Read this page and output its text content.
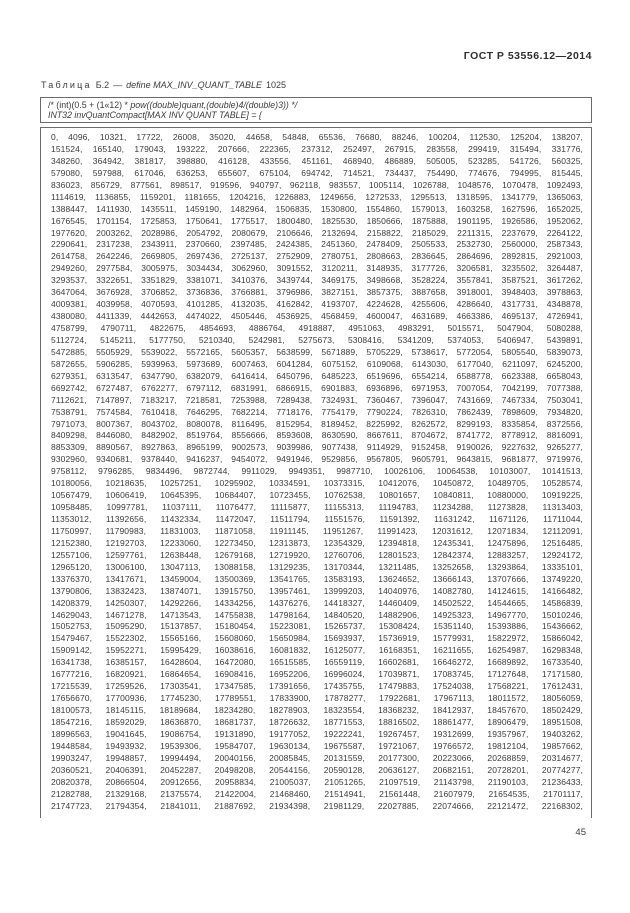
ГОСТ Р 53556.12—2014
Таблица Б.2 — define MAX_INV_QUANT_TABLE 1025
/* (int)(0.5 + (1«12) * pow((double)quant,(double)4/(double)3)) */
INT32 invQuantCompact[MAX INV QUANT TABLE] = {
0, 4096, 10321, 17722, 26008, 35020, 44658, 54848, 65536, 76680, 88246, 100204, 112530, 125204, 138207,
151524, 165140, 179043, 193222, 207666, 222365, 237312, 252497, 267915, 283558, 299419, 315494, 331776,
348260, 364942, 381817, 398880, 416128, 433556, 451161, 468940, 486889, 505005, 523285, 541726, 560325,
579080, 597988, 617046, 636253, 655607, 675104, 694742, 714521, 734437, 754490, 774676, 794995, 815445,
836023, 856729, 877561, 898517, 919596, 940797, 962118, 983557, 1005114, 1026788, 1048576, 1070478, 1092493,
1114619, 1136855, 1159201, 1181655, 1204216, 1226883, 1249656, 1272533, 1295513, 1318595, 1341779, 1365063,
1388447, 1411930, 1435511, 1459190, 1482964, 1506835, 1530800, 1554860, 1579013, 1603258, 1627596, 1652025,
1676545, 1701154, 1725853, 1750641, 1775517, 1800480, 1825530, 1850666, 1875888, 1901195, 1926586, 1952062,
1977620, 2003262, 2028986, 2054792, 2080679, 2106646, 2132694, 2158822, 2185029, 2211315, 2237679, 2264122,
2290641, 2317238, 2343911, 2370660, 2397485, 2424385, 2451360, 2478409, 2505533, 2532730, 2560000, 2587343,
2614758, 2642246, 2669805, 2697436, 2725137, 2752909, 2780751, 2808663, 2836645, 2864696, 2892815, 2921003,
2949260, 2977584, 3005975, 3034434, 3062960, 3091552, 3120211, 3148935, 3177726, 3206581, 3235502, 3264487,
3293537, 3322651, 3351829, 3381071, 3410376, 3439744, 3469175, 3498668, 3528224, 3557841, 3587521, 3617262,
3647064, 3676928, 3706852, 3736836, 3766881, 3796986, 3827151, 3857375, 3887658, 3918001, 3948403, 3978863,
4009381, 4039958, 4070593, 4101285, 4132035, 4162842, 4193707, 4224628, 4255606, 4286640, 4317731, 4348878,
4380080, 4411339, 4442653, 4474022, 4505446, 4536925, 4568459, 4600047, 4631689, 4663386, 4695137, 4726941,
4758799, 4790711, 4822675, 4854693, 4886764, 4918887, 4951063, 4983291, 5015571, 5047904, 5080288,
5112724, 5145211, 5177750, 5210340, 5242981, 5275673, 5308416, 5341209, 5374053, 5406947, 5439891,
5472885, 5505929, 5539022, 5572165, 5605357, 5638599, 5671889, 5705229, 5738617, 5772054, 5805540, 5839073,
5872655, 5906285, 5939963, 5973689, 6007463, 6041284, 6075152, 6109068, 6143030, 6177040, 6211097, 6245200,
6279351, 6313547, 6347790, 6382079, 6416414, 6450796, 6485223, 6519696, 6554214, 6588778, 6623388, 6658043,
6692742, 6727487, 6762277, 6797112, 6831991, 6866915, 6901883, 6936896, 6971953, 7007054, 7042199, 7077388,
7112621, 7147897, 7183217, 7218581, 7253988, 7289438, 7324931, 7360467, 7396047, 7431669, 7467334, 7503041,
7538791, 7574584, 7610418, 7646295, 7682214, 7718176, 7754179, 7790224, 7826310, 7862439, 7898609, 7934820,
7971073, 8007367, 8043702, 8080078, 8116495, 8152954, 8189452, 8225992, 8262572, 8299193, 8335854, 8372556,
8409298, 8446080, 8482902, 8519764, 8556666, 8593608, 8630590, 8667611, 8704672, 8741772, 8778912, 8816091,
8853309, 8890567, 8927863, 8965199, 9002573, 9039986, 9077438, 9114929, 9152458, 9190026, 9227632, 9265277,
9302960, 9340681, 9378440, 9416237, 9454072, 9491946, 9529856, 9567805, 9605791, 9643815, 9681877, 9719976,
9758112, 9796285, 9834496, 9872744, 9911029, 9949351, 9987710, 10026106, 10064538, 10103007, 10141513,
10180056, 10218635, 10257251, 10295902, 10334591, 10373315, 10412076, 10450872, 10489705, 10528574,
10567479, 10606419, 10645395, 10684407, 10723455, 10762538, 10801657, 10840811, 10880000, 10919225,
10958485, 10997781, 11037111, 11076477, 11115877, 11155313, 11194783, 11234288, 11273828, 11313403,
11353012, 11392656, 11432334, 11472047, 11511794, 11551576, 11591392, 11631242, 11671126, 11711044,
11750997, 11790983, 11831003, 11871058, 11911145, 11951267, 11991423, 12031612, 12071834, 12112091,
12152380, 12192703, 12233060, 12273450, 12313873, 12354329, 12394818, 12435341, 12475896, 12516485,
12557106, 12597761, 12638448, 12679168, 12719920, 12760706, 12801523, 12842374, 12883257, 12924172,
12965120, 13006100, 13047113, 13088158, 13129235, 13170344, 13211485, 13252658, 13293864, 13335101,
13376370, 13417671, 13459004, 13500369, 13541765, 13583193, 13624652, 13666143, 13707666, 13749220,
13790806, 13832423, 13874071, 13915750, 13957461, 13999203, 14040976, 14082780, 14124615, 14166482,
14208379, 14250307, 14292266, 14334256, 14376276, 14418327, 14460409, 14502522, 14544665, 14586839,
14629043, 14671278, 14713543, 14755838, 14798164, 14840520, 14882906, 14925323, 14967770, 15010246,
15052753, 15095290, 15137857, 15180454, 15223081, 15265737, 15308424, 15351140, 15393886, 15436662,
15479467, 15522302, 15565166, 15608060, 15650984, 15693937, 15736919, 15779931, 15822972, 15866042,
15909142, 15952271, 15995429, 16038616, 16081832, 16125077, 16168351, 16211655, 16254987, 16298348,
16341738, 16385157, 16428604, 16472080, 16515585, 16559119, 16602681, 16646272, 16689892, 16733540,
16777216, 16820921, 16864654, 16908416, 16952206, 16996024, 17039871, 17083745, 17127648, 17171580,
17215539, 17259526, 17303541, 17347585, 17391656, 17435755, 17479883, 17524038, 17568221, 17612431,
17656670, 17700936, 17745230, 17789551, 17833900, 17878277, 17922681, 17967113, 18011572, 18056059,
18100573, 18145115, 18189684, 18234280, 18278903, 18323554, 18368232, 18412937, 18457670, 18502429,
18547216, 18592029, 18636870, 18681737, 18726632, 18771553, 18816502, 18861477, 18906479, 18951508,
18996563, 19041645, 19086754, 19131890, 19177052, 19222241, 19267457, 19312699, 19357967, 19403262,
19448584, 19493932, 19539306, 19584707, 19630134, 19675587, 19721067, 19766572, 19812104, 19857662,
19903247, 19948857, 19994494, 20040156, 20085845, 20131559, 20177300, 20223066, 20268859, 20314677,
20360521, 20406391, 20452287, 20498208, 20544156, 20590128, 20636127, 20682151, 20728201, 20774277,
20820378, 20866504, 20912656, 20958834, 21005037, 21051265, 21097519, 21143798, 21190103, 21236433,
21282788, 21329168, 21375574, 21422004, 21468460, 21514941, 21561448, 21607979, 21654535, 21701117,
21747723, 21794354, 21841011, 21887692, 21934398, 21981129, 22027885, 22074666, 22121472, 22168302,
45
